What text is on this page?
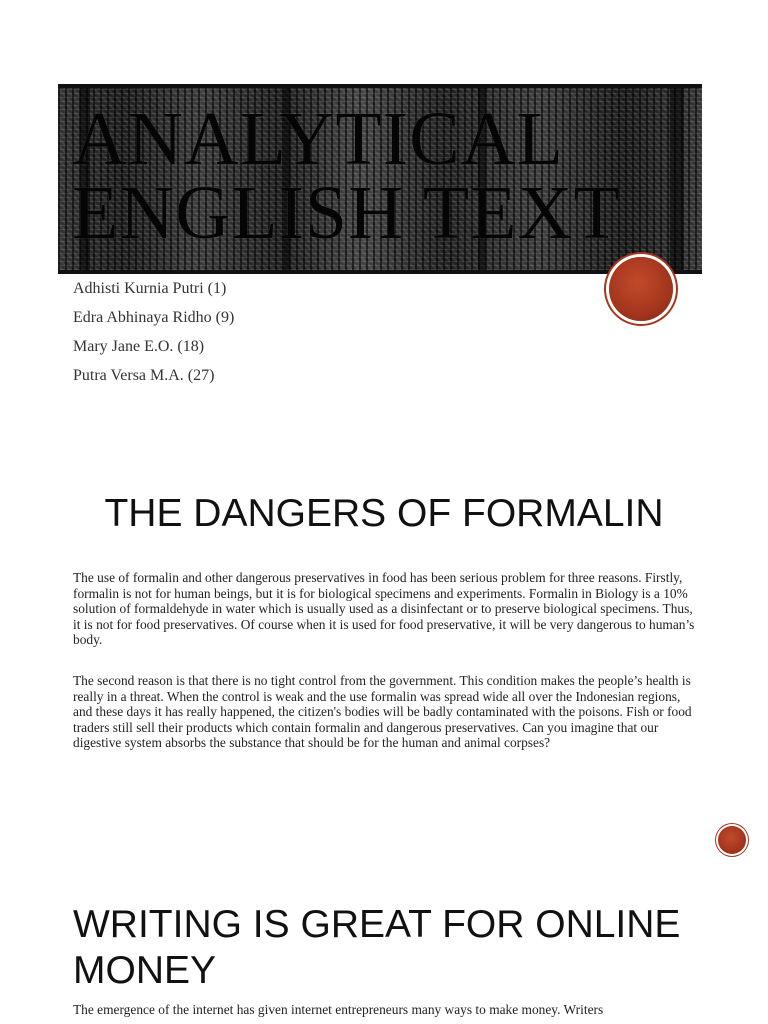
ANALYTICAL
ENGLISH TEXT
Adhisti Kurnia Putri (1)
Edra Abhinaya Ridho (9)
Mary Jane E.O. (18)
Putra Versa M.A. (27)
THE DANGERS OF FORMALIN

The use of formalin and other dangerous preservatives in food has been serious problem for three reasons. Firstly, formalin is not for human beings, but it is for biological specimens and experiments. Formalin in Biology is a 10% solution of formaldehyde in water which is usually used as a disinfectant or to preserve biological specimens. Thus, it is not for food preservatives. Of course when it is used for food preservative, it will be very dangerous to human’s body.

The second reason is that there is no tight control from the government. This condition makes the people’s health is really in a threat. When the control is weak and the use formalin was spread wide all over the Indonesian regions, and these days it has really happened, the citizen's bodies will be badly contaminated with the poisons. Fish or food traders still sell their products which contain formalin and dangerous preservatives. Can you imagine that our digestive system absorbs the substance that should be for the human and animal corpses?

WRITING IS GREAT FOR ONLINE MONEY

The emergence of the internet has given internet entrepreneurs many ways to make money. Writers
